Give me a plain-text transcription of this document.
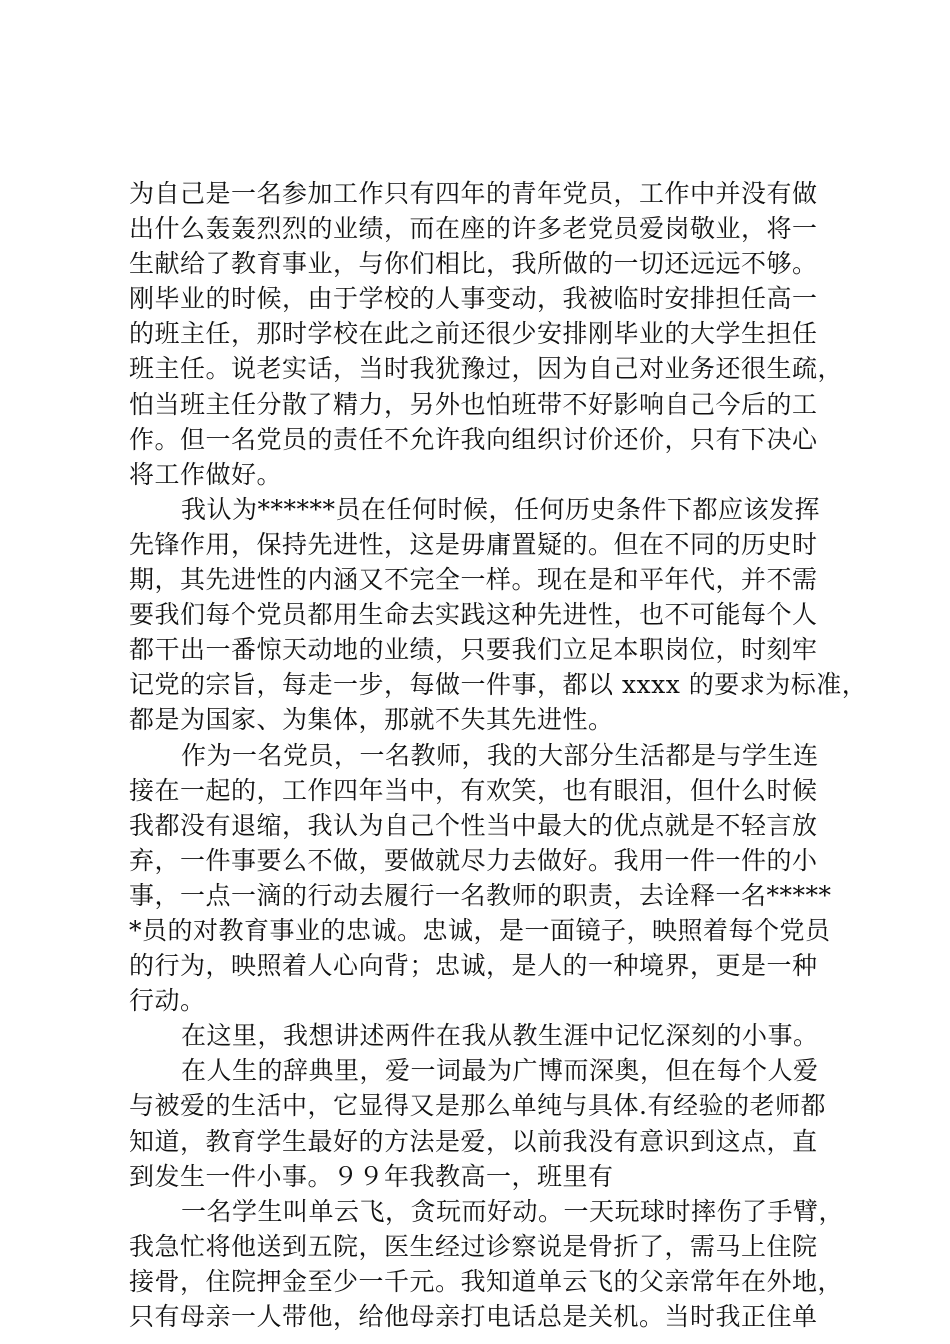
为自己是一名参加工作只有四年的青年党员，工作中并没有做
出什么轰轰烈烈的业绩，而在座的许多老党员爱岗敬业，将一
生献给了教育事业，与你们相比，我所做的一切还远远不够。
刚毕业的时候，由于学校的人事变动，我被临时安排担任高一
的班主任，那时学校在此之前还很少安排刚毕业的大学生担任
班主任。说老实话，当时我犹豫过，因为自己对业务还很生疏，
怕当班主任分散了精力，另外也怕班带不好影响自己今后的工
作。但一名党员的责任不允许我向组织讨价还价，只有下决心
将工作做好。
我认为******员在任何时候，任何历史条件下都应该发挥
先锋作用，保持先进性，这是毋庸置疑的。但在不同的历史时
期，其先进性的内涵又不完全一样。现在是和平年代，并不需
要我们每个党员都用生命去实践这种先进性，也不可能每个人
都干出一番惊天动地的业绩，只要我们立足本职岗位，时刻牢
记党的宗旨，每走一步，每做一件事，都以 xxxx 的要求为标准，
都是为国家、为集体，那就不失其先进性。
作为一名党员，一名教师，我的大部分生活都是与学生连
接在一起的，工作四年当中，有欢笑，也有眼泪，但什么时候
我都没有退缩，我认为自己个性当中最大的优点就是不轻言放
弃，一件事要么不做，要做就尽力去做好。我用一件一件的小
事，一点一滴的行动去履行一名教师的职责，去诠释一名*****
*员的对教育事业的忠诚。忠诚，是一面镜子，映照着每个党员
的行为，映照着人心向背；忠诚，是人的一种境界，更是一种
行动。
在这里，我想讲述两件在我从教生涯中记忆深刻的小事。
在人生的辞典里，爱一词最为广博而深奥，但在每个人爱
与被爱的生活中，它显得又是那么单纯与具体.有经验的老师都
知道，教育学生最好的方法是爱，以前我没有意识到这点，直
到发生一件小事。９９年我教高一，班里有
一名学生叫单云飞，贪玩而好动。一天玩球时摔伤了手臂，
我急忙将他送到五院，医生经过诊察说是骨折了，需马上住院
接骨，住院押金至少一千元。我知道单云飞的父亲常年在外地，
只有母亲一人带他，给他母亲打电话总是关机。当时我正住单
